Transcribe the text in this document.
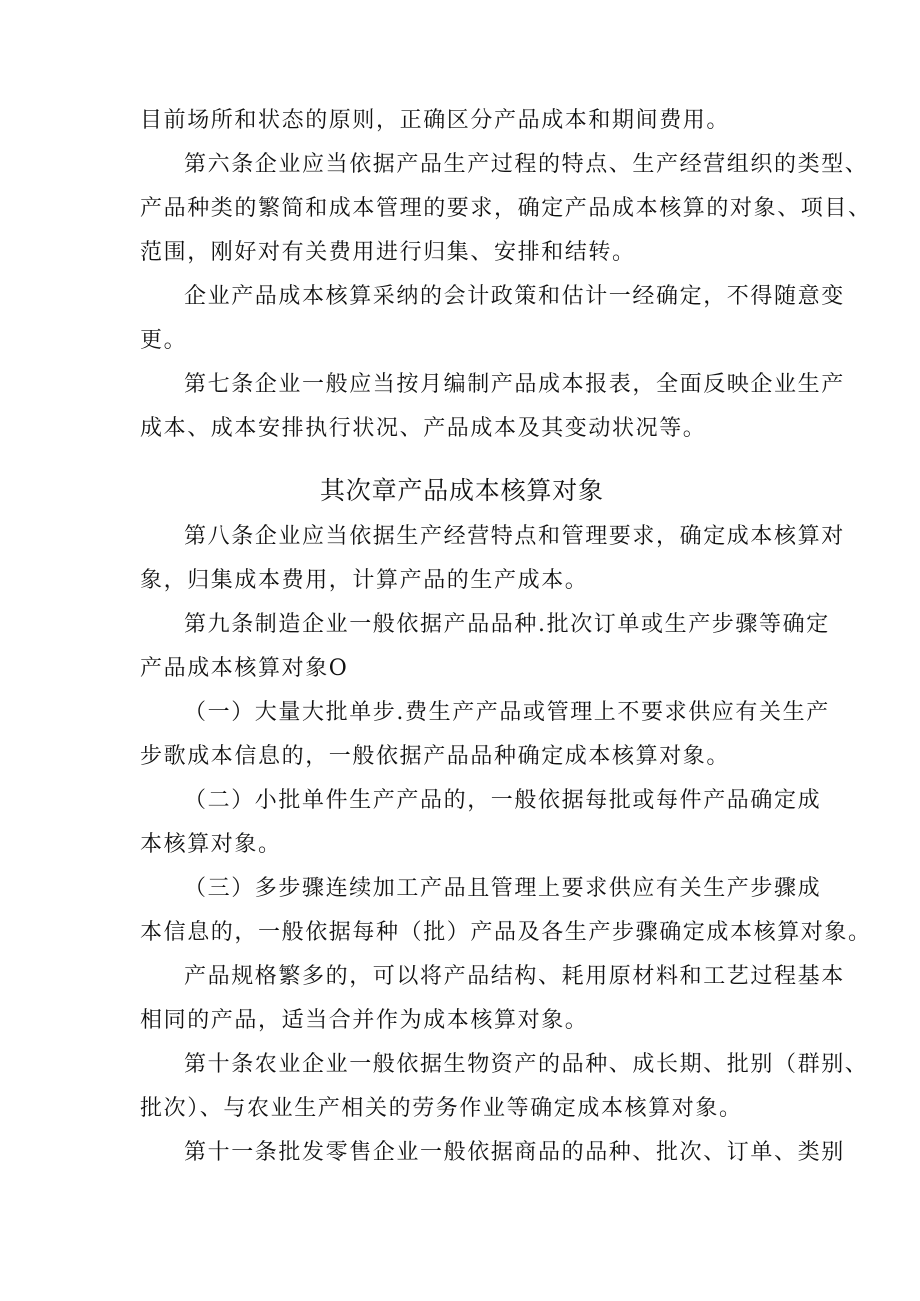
目前场所和状态的原则，正确区分产品成本和期间费用。
第六条企业应当依据产品生产过程的特点、生产经营组织的类型、
产品种类的繁简和成本管理的要求，确定产品成本核算的对象、项目、
范围，刚好对有关费用进行归集、安排和结转。
企业产品成本核算采纳的会计政策和估计一经确定，不得随意变
更。
第七条企业一般应当按月编制产品成本报表，全面反映企业生产
成本、成本安排执行状况、产品成本及其变动状况等。
其次章产品成本核算对象
第八条企业应当依据生产经营特点和管理要求，确定成本核算对
象，归集成本费用，计算产品的生产成本。
第九条制造企业一般依据产品品种.批次订单或生产步骤等确定
产品成本核算对象O
（一）大量大批单步.费生产产品或管理上不要求供应有关生产
步歌成本信息的，一般依据产品品种确定成本核算对象。
（二）小批单件生产产品的，一般依据每批或每件产品确定成
本核算对象。
（三）多步骤连续加工产品且管理上要求供应有关生产步骤成
本信息的，一般依据每种（批）产品及各生产步骤确定成本核算对象。
产品规格繁多的，可以将产品结构、耗用原材料和工艺过程基本
相同的产品，适当合并作为成本核算对象。
第十条农业企业一般依据生物资产的品种、成长期、批别（群别、
批次）、与农业生产相关的劳务作业等确定成本核算对象。
第十一条批发零售企业一般依据商品的品种、批次、订单、类别
